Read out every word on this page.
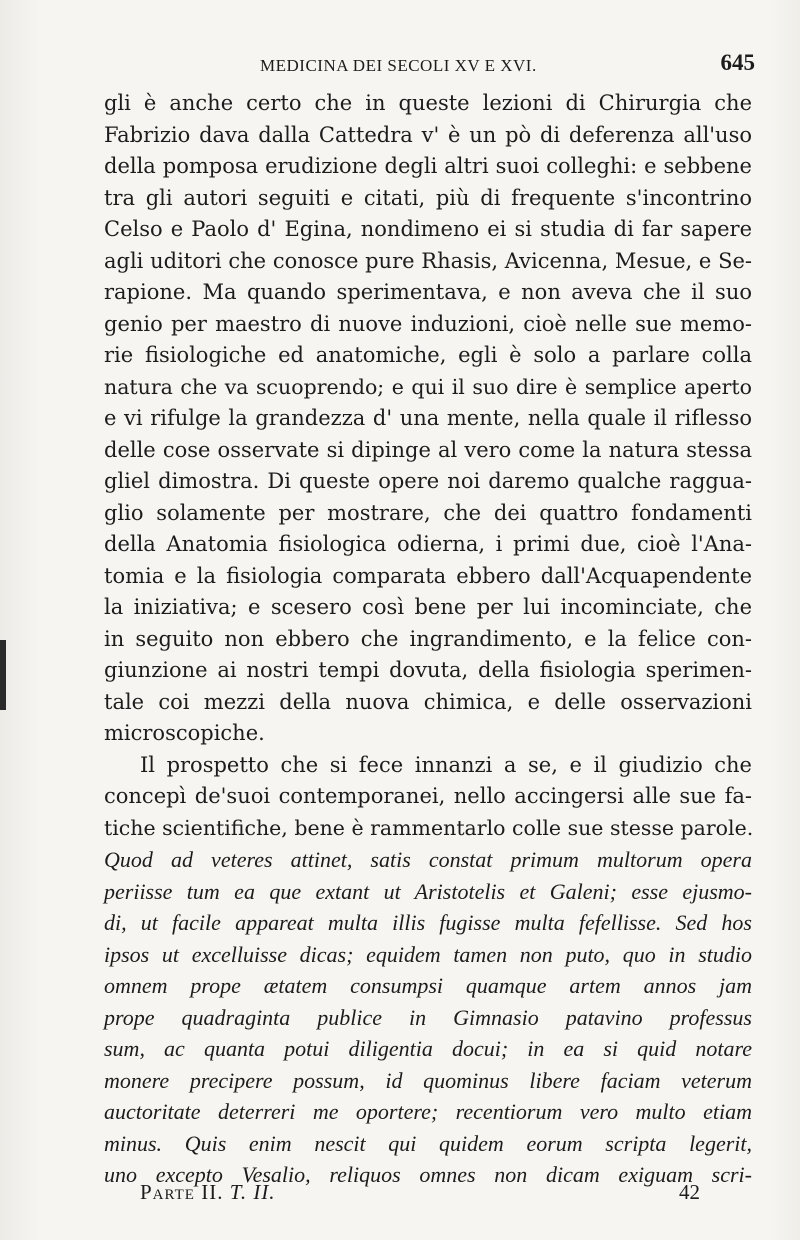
MEDICINA DEI SECOLI XV E XVI.	645
gli è anche certo che in queste lezioni di Chirurgia che
Fabrizio dava dalla Cattedra v' è un pò di deferenza all'uso
della pomposa erudizione degli altri suoi colleghi: e sebbene
tra gli autori seguiti e citati, più di frequente s'incontrino
Celso e Paolo d' Egina, nondimeno ei si studia di far sapere
agli uditori che conosce pure Rhasis, Avicenna, Mesue, e Se-
rapione. Ma quando sperimentava, e non aveva che il suo
genio per maestro di nuove induzioni, cioè nelle sue memo-
rie fisiologiche ed anatomiche, egli è solo a parlare colla
natura che va scuoprendo; e qui il suo dire è semplice aperto
e vi rifulge la grandezza d' una mente, nella quale il riflesso
delle cose osservate si dipinge al vero come la natura stessa
gliel dimostra. Di queste opere noi daremo qualche ragguа-
glio solamente per mostrare, che dei quattro fondamenti
della Anatomia fisiologica odierna, i primi due, cioè l'Ana-
tomia e la fisiologia comparata ebbero dall'Acquapendente
la iniziativa; e scesero così bene per lui incominciate, che
in seguito non ebbero che ingrandimento, e la felice con-
giunzione ai nostri tempi dovuta, della fisiologia sperimen-
tale coi mezzi della nuova chimica, e delle osservazioni
microscopiche.
Il prospetto che si fece innanzi a se, e il giudizio che
concepì de'suoi contemporanei, nello accingersi alle sue fa-
tiche scientifiche, bene è rammentarlo colle sue stesse parole.
Quod ad veteres attinet, satis constat primum multorum opera
periisse tum ea que extant ut Aristotelis et Galeni; esse ejusmo-
di, ut facile appareat multa illis fugisse multa fefellisse. Sed hos
ipsos ut excelluisse dicas; equidem tamen non puto, quo in studio
omnem prope ætatem consumpsi quamque artem annos jam
prope quadraginta publice in Gimnasio patavino professus
sum, ac quanta potui diligentia docui; in ea si quid notare
monere precipere possum, id quominus libere faciam veterum
auctoritate deterreri me oportere; recentiorum vero multo etiam
minus. Quis enim nescit qui quidem eorum scripta legerit,
uno excepto Vesalio, reliquos omnes non dicam exiguam scri-
Parte II. T. II.	42
